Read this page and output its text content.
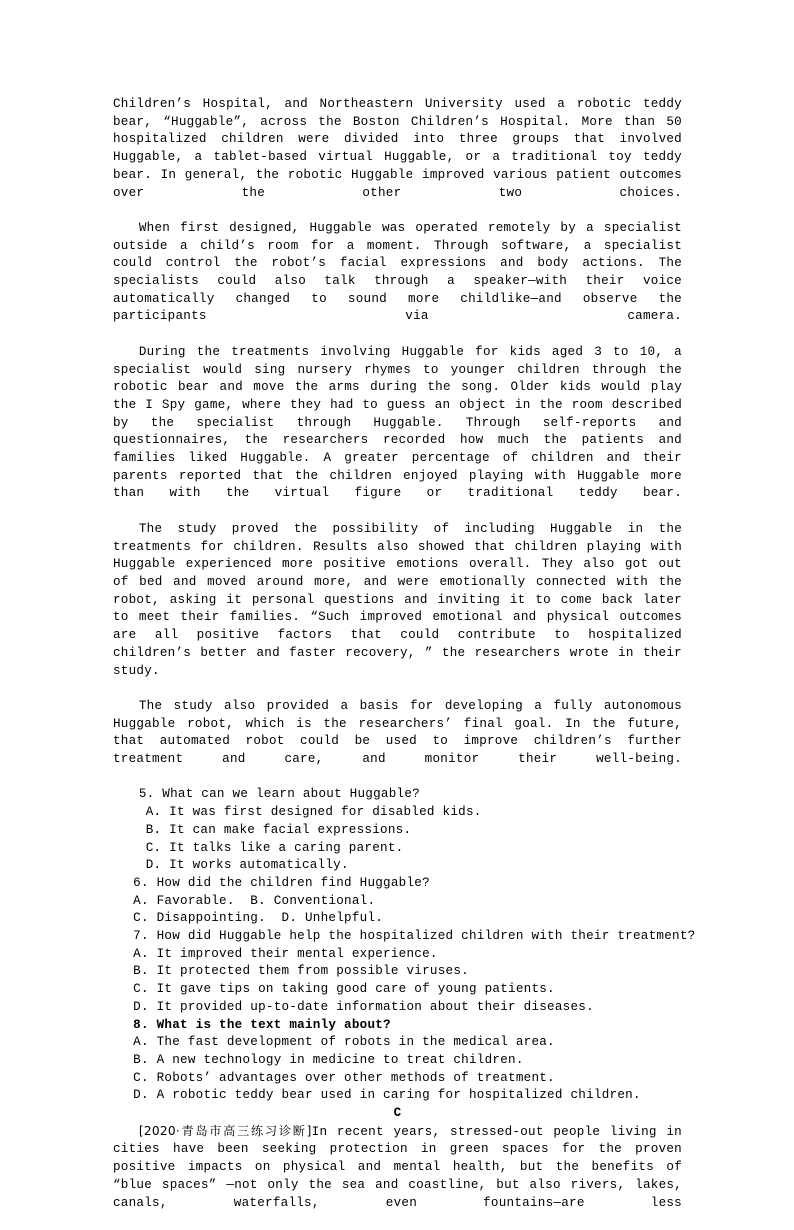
Children’s Hospital, and Northeastern University used a robotic teddy bear, “Huggable”, across the Boston Children’s Hospital. More than 50 hospitalized children were divided into three groups that involved Huggable, a tablet-based virtual Huggable, or a traditional toy teddy bear. In general, the robotic Huggable improved various patient outcomes over the other two choices.

When first designed, Huggable was operated remotely by a specialist outside a child’s room for a moment. Through software, a specialist could control the robot’s facial expressions and body actions. The specialists could also talk through a speaker—with their voice automatically changed to sound more childlike—and observe the participants via camera.

During the treatments involving Huggable for kids aged 3 to 10, a specialist would sing nursery rhymes to younger children through the robotic bear and move the arms during the song. Older kids would play the I Spy game, where they had to guess an object in the room described by the specialist through Huggable. Through self-reports and questionnaires, the researchers recorded how much the patients and families liked Huggable. A greater percentage of children and their parents reported that the children enjoyed playing with Huggable more than with the virtual figure or traditional teddy bear.

The study proved the possibility of including Huggable in the treatments for children. Results also showed that children playing with Huggable experienced more positive emotions overall. They also got out of bed and moved around more, and were emotionally connected with the robot, asking it personal questions and inviting it to come back later to meet their families. “Such improved emotional and physical outcomes are all positive factors that could contribute to hospitalized children’s better and faster recovery, ” the researchers wrote in their study.

The study also provided a basis for developing a fully autonomous Huggable robot, which is the researchers’ final goal. In the future, that automated robot could be used to improve children’s further treatment and care, and monitor their well-being.

5. What can we learn about Huggable?

A. It was first designed for disabled kids.

B. It can make facial expressions.

C. It talks like a caring parent.

D. It works automatically.

6. How did the children find Huggable?

A. Favorable.  B. Conventional.

C. Disappointing.  D. Unhelpful.

7. How did Huggable help the hospitalized children with their treatment?

A. It improved their mental experience.

B. It protected them from possible viruses.

C. It gave tips on taking good care of young patients.

D. It provided up-to-date information about their diseases.

8. What is the text mainly about?

A. The fast development of robots in the medical area.

B. A new technology in medicine to treat children.

C. Robots’ advantages over other methods of treatment.

D. A robotic teddy bear used in caring for hospitalized children.

C

[2020·青岛市高三练习诊断]In recent years, stressed-out people living in cities have been seeking protection in green spaces for the proven positive impacts on physical and mental health, but the benefits of “blue spaces” —not only the sea and coastline, but also rivers, lakes, canals, waterfalls, even fountains—are less
